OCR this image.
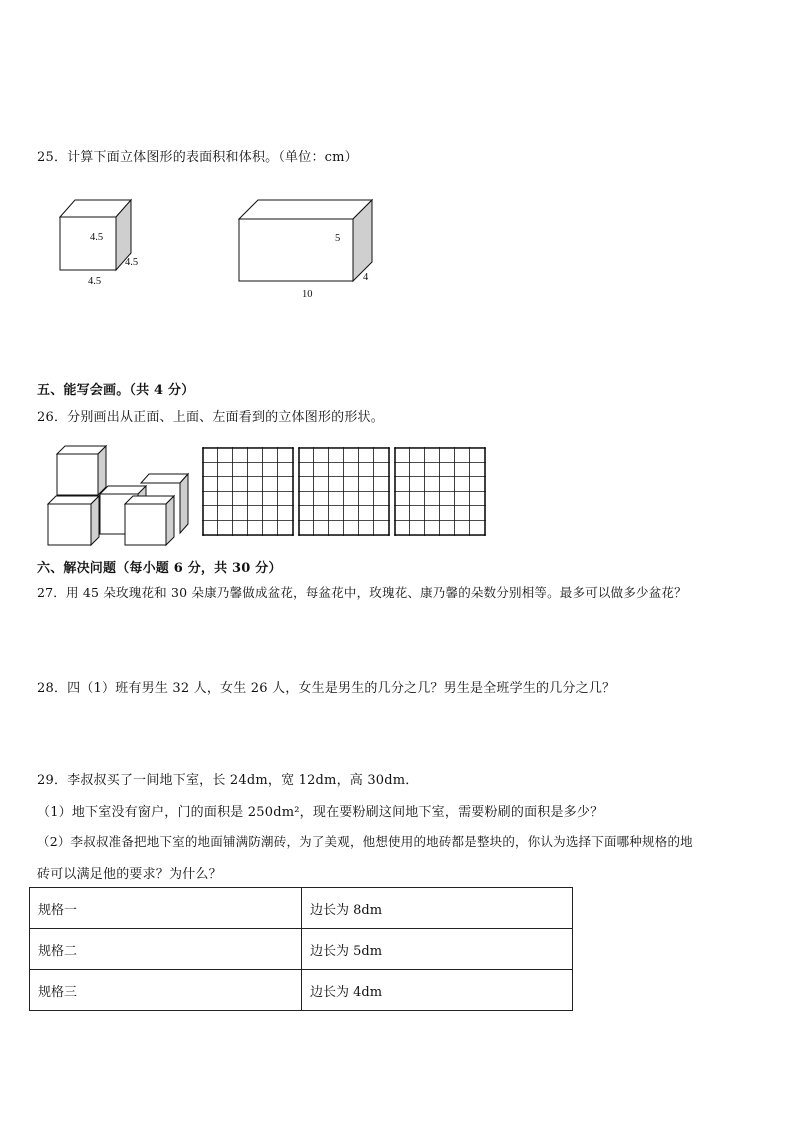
25．计算下面立体图形的表面积和体积。（单位：cm）
4.5
4.5
4.5
5
4
10
五、能写会画。（共 4 分）
26．分别画出从正面、上面、左面看到的立体图形的形状。
六、解决问题（每小题 6 分，共 30 分）
27．用 45 朵玫瑰花和 30 朵康乃馨做成盆花，每盆花中，玫瑰花、康乃馨的朵数分别相等。最多可以做多少盆花？
28．四（1）班有男生 32 人，女生 26 人，女生是男生的几分之几？男生是全班学生的几分之几？
29．李叔叔买了一间地下室，长 24dm，宽 12dm，高 30dm．
（1）地下室没有窗户，门的面积是 250dm²，现在要粉刷这间地下室，需要粉刷的面积是多少？
（2）李叔叔准备把地下室的地面铺满防潮砖，为了美观，他想使用的地砖都是整块的，你认为选择下面哪种规格的地
砖可以满足他的要求？为什么？
规格一	边长为 8dm
规格二	边长为 5dm
规格三	边长为 4dm
